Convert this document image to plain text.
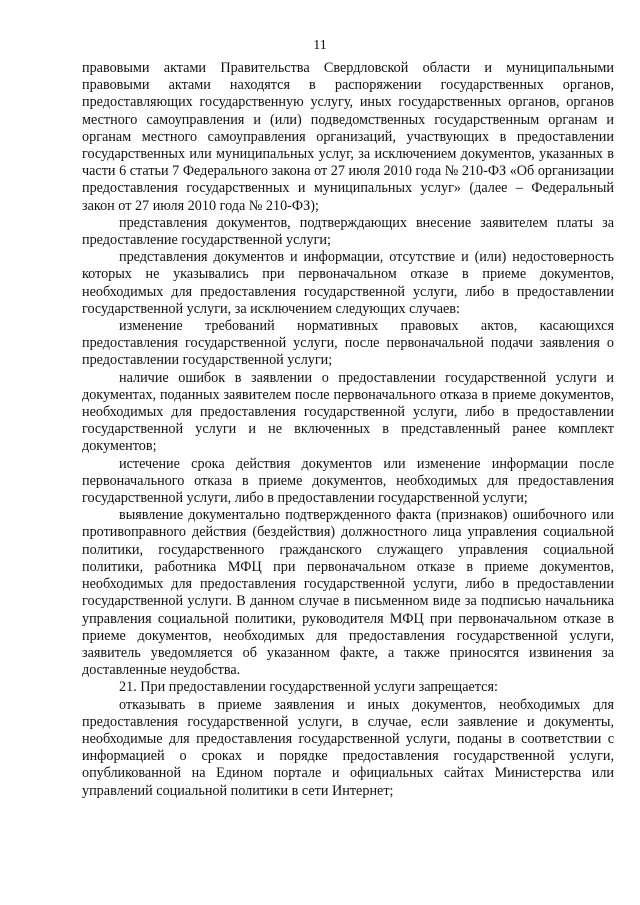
11

правовыми актами Правительства Свердловской области и муниципальными правовыми актами находятся в распоряжении государственных органов, предоставляющих государственную услугу, иных государственных органов, органов местного самоуправления и (или) подведомственных государственным органам и органам местного самоуправления организаций, участвующих в предоставлении государственных или муниципальных услуг, за исключением документов, указанных в части 6 статьи 7 Федерального закона от 27 июля 2010 года № 210-ФЗ «Об организации предоставления государственных и муниципальных услуг» (далее – Федеральный закон от 27 июля 2010 года № 210-ФЗ);

представления документов, подтверждающих внесение заявителем платы за предоставление государственной услуги;

представления документов и информации, отсутствие и (или) недостоверность которых не указывались при первоначальном отказе в приеме документов, необходимых для предоставления государственной услуги, либо в предоставлении государственной услуги, за исключением следующих случаев:

изменение требований нормативных правовых актов, касающихся предоставления государственной услуги, после первоначальной подачи заявления о предоставлении государственной услуги;

наличие ошибок в заявлении о предоставлении государственной услуги и документах, поданных заявителем после первоначального отказа в приеме документов, необходимых для предоставления государственной услуги, либо в предоставлении государственной услуги и не включенных в представленный ранее комплект документов;

истечение срока действия документов или изменение информации после первоначального отказа в приеме документов, необходимых для предоставления государственной услуги, либо в предоставлении государственной услуги;

выявление документально подтвержденного факта (признаков) ошибочного или противоправного действия (бездействия) должностного лица управления социальной политики, государственного гражданского служащего управления социальной политики, работника МФЦ при первоначальном отказе в приеме документов, необходимых для предоставления государственной услуги, либо в предоставлении государственной услуги. В данном случае в письменном виде за подписью начальника управления социальной политики, руководителя МФЦ при первоначальном отказе в приеме документов, необходимых для предоставления государственной услуги, заявитель уведомляется об указанном факте, а также приносятся извинения за доставленные неудобства.

21. При предоставлении государственной услуги запрещается:

отказывать в приеме заявления и иных документов, необходимых для предоставления государственной услуги, в случае, если заявление и документы, необходимые для предоставления государственной услуги, поданы в соответствии с информацией о сроках и порядке предоставления государственной услуги, опубликованной на Едином портале и официальных сайтах Министерства или управлений социальной политики в сети Интернет;
